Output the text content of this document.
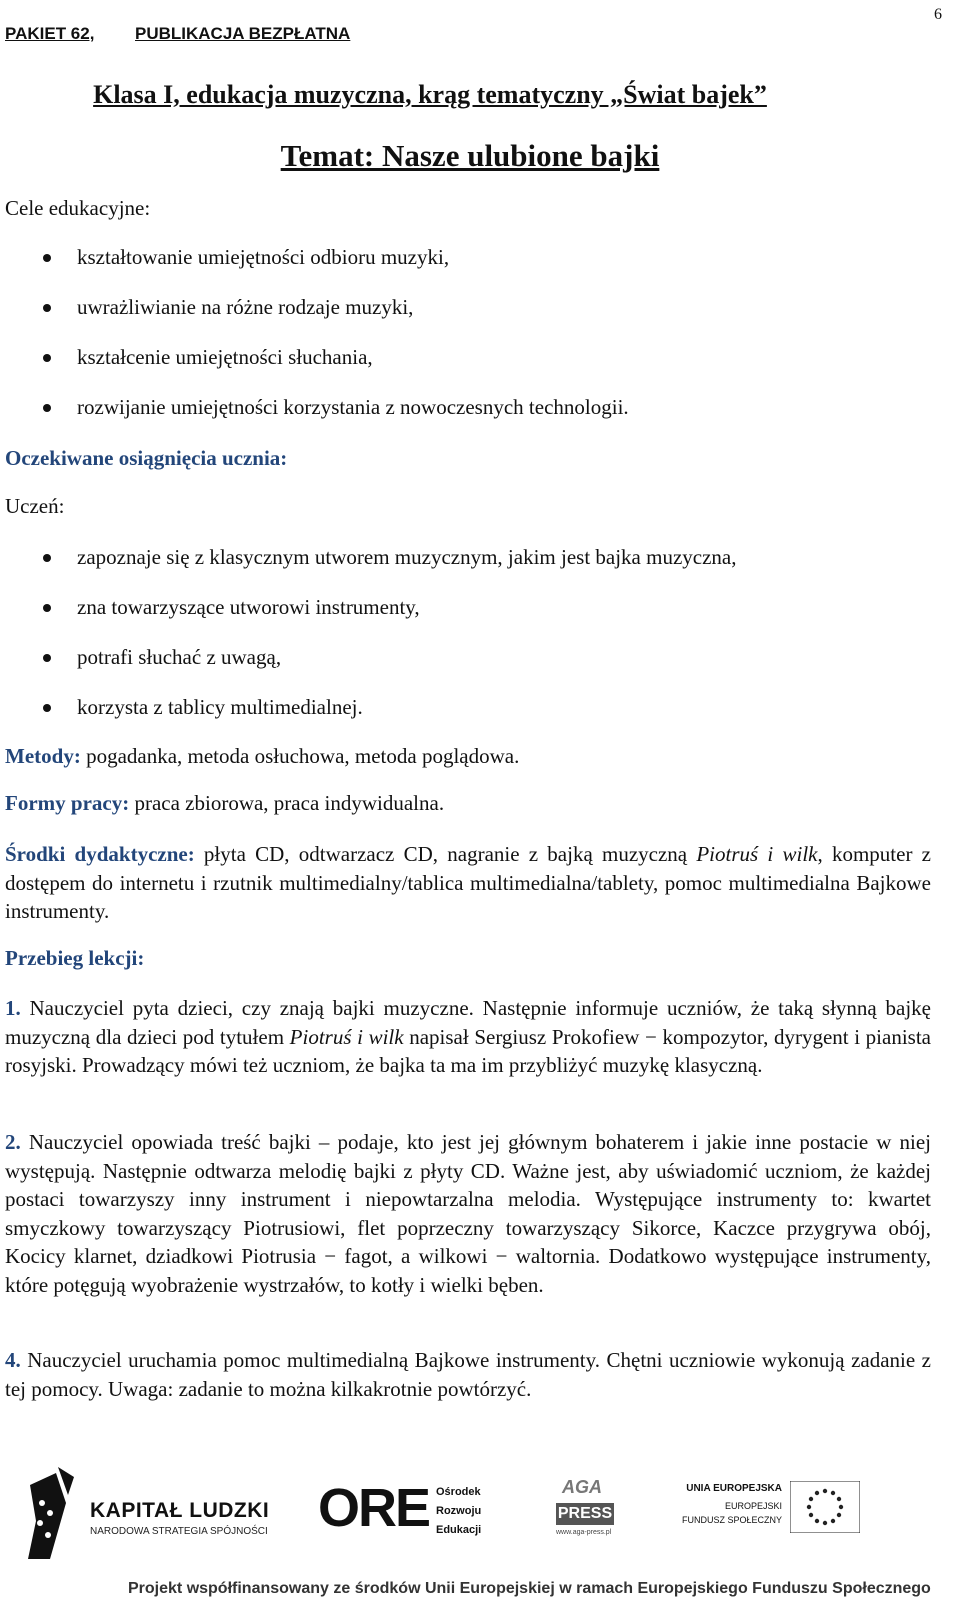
PAKIET 62, PUBLIKACJA BEZPŁATNA
6
Klasa I, edukacja muzyczna, krąg tematyczny „Świat bajek”
Temat: Nasze ulubione bajki
Cele edukacyjne:
kształtowanie umiejętności odbioru muzyki,
uwrażliwianie na różne rodzaje muzyki,
kształcenie umiejętności słuchania,
rozwijanie umiejętności korzystania z nowoczesnych technologii.
Oczekiwane osiągnięcia ucznia:
Uczeń:
zapoznaje się z klasycznym utworem muzycznym, jakim jest bajka muzyczna,
zna towarzyszące utworowi instrumenty,
potrafi słuchać z uwagą,
korzysta z tablicy multimedialnej.
Metody: pogadanka, metoda osłuchowa, metoda poglądowa.
Formy pracy: praca zbiorowa, praca indywidualna.
Środki dydaktyczne: płyta CD, odtwarzacz CD, nagranie z bajką muzyczną Piotruś i wilk, komputer z dostępem do internetu i rzutnik multimedialny/tablica multimedialna/tablety, pomoc multimedialna Bajkowe instrumenty.
Przebieg lekcji:
1. Nauczyciel pyta dzieci, czy znają bajki muzyczne. Następnie informuje uczniów, że taką słynną bajkę muzyczną dla dzieci pod tytułem Piotruś i wilk napisał Sergiusz Prokofiew − kompozytor, dyrygent i pianista rosyjski. Prowadzący mówi też uczniom, że bajka ta ma im przybliżyć muzykę klasyczną.
2. Nauczyciel opowiada treść bajki – podaje, kto jest jej głównym bohaterem i jakie inne postacie w niej występują. Następnie odtwarza melodię bajki z płyty CD. Ważne jest, aby uświadomić uczniom, że każdej postaci towarzyszy inny instrument i niepowtarzalna melodia. Występujące instrumenty to: kwartet smyczkowy towarzyszący Piotrusiowi, flet poprzeczny towarzyszący Sikorce, Kaczce przygrywa obój, Kocicy klarnet, dziadkowi Piotrusia − fagot, a wilkowi − waltornia. Dodatkowo występujące instrumenty, które potęgują wyobrażenie wystrzałów, to kotły i wielki bęben.
4. Nauczyciel uruchamia pomoc multimedialną Bajkowe instrumenty. Chętni uczniowie wykonują zadanie z tej pomocy. Uwaga: zadanie to można kilkakrotnie powtórzyć.
KAPITAŁ LUDZKI
NARODOWA STRATEGIA SPÓJNOŚCI ORE Ośrodek
Rozwoju
Edukacji
AGA
PRESS
www.aga-press.pl
UNIA EUROPEJSKA
EUROPEJSKI
FUNDUSZ SPOŁECZNY
Projekt współfinansowany ze środków Unii Europejskiej w ramach Europejskiego Funduszu Społecznego
